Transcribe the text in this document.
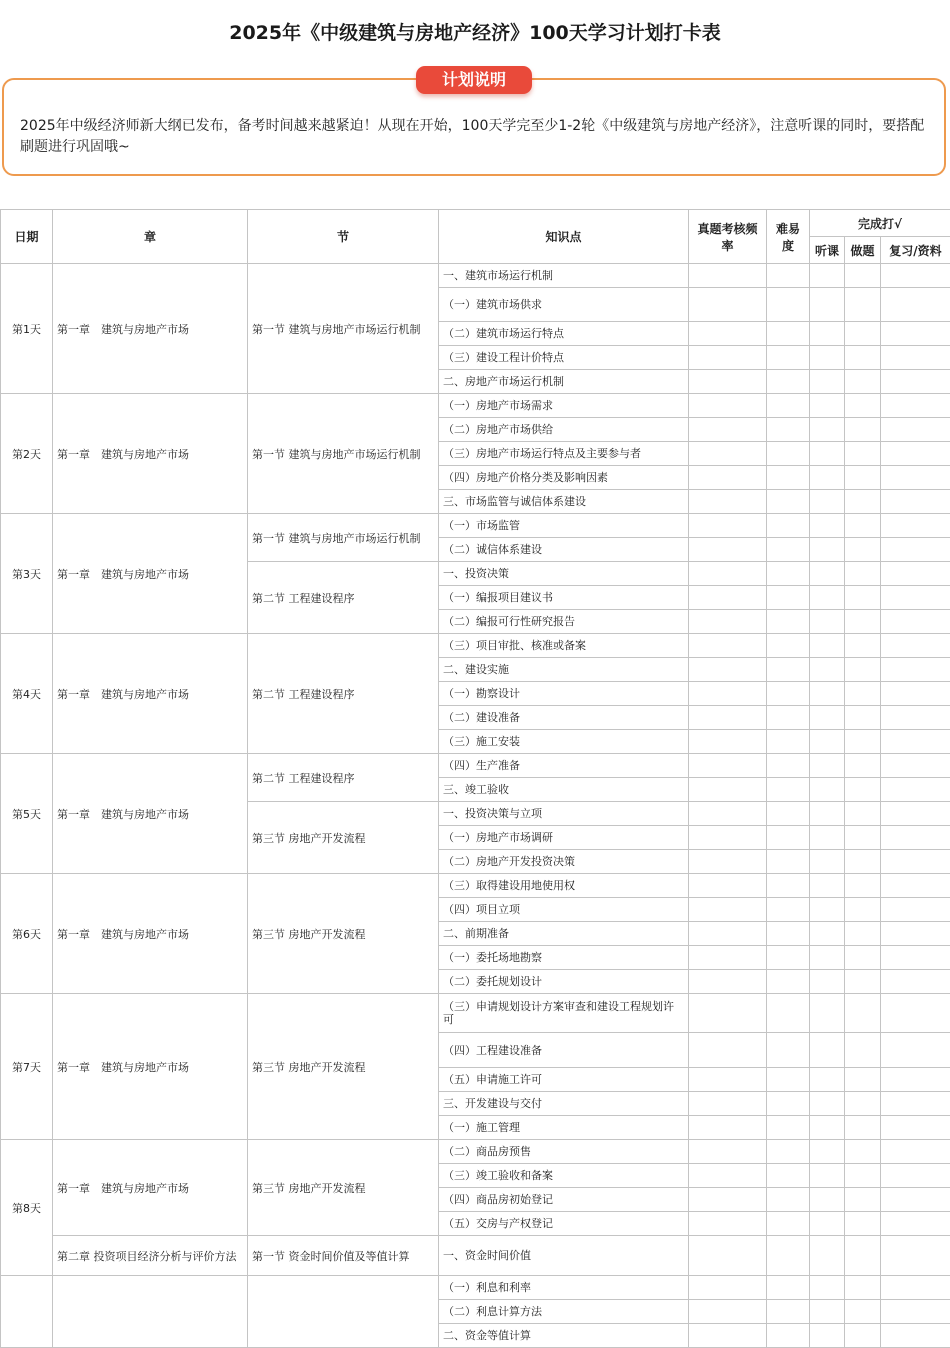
2025年《中级建筑与房地产经济》100天学习计划打卡表
计划说明
2025年中级经济师新大纲已发布，备考时间越来越紧迫！从现在开始，100天学完至少1-2轮《中级建筑与房地产经济》，注意听课的同时，要搭配刷题进行巩固哦~
日期	章	节	知识点	真题考核频率	难易度	完成打√		
						听课	做题	复习/资料
第1天	第一章　建筑与房地产市场	第一节 建筑与房地产市场运行机制	一、建筑市场运行机制					
			（一）建筑市场供求					
			（二）建筑市场运行特点					
			（三）建设工程计价特点					
			二、房地产市场运行机制					
第2天	第一章　建筑与房地产市场	第一节 建筑与房地产市场运行机制	（一）房地产市场需求					
			（二）房地产市场供给					
			（三）房地产市场运行特点及主要参与者					
			（四）房地产价格分类及影响因素					
			三、市场监管与诚信体系建设					
第3天	第一章　建筑与房地产市场	第一节 建筑与房地产市场运行机制	（一）市场监管					
			（二）诚信体系建设					
		第二节 工程建设程序	一、投资决策					
			（一）编报项目建议书					
			（二）编报可行性研究报告					
第4天	第一章　建筑与房地产市场	第二节 工程建设程序	（三）项目审批、核准或备案					
			二、建设实施					
			（一）勘察设计					
			（二）建设准备					
			（三）施工安装					
第5天	第一章　建筑与房地产市场	第二节 工程建设程序	（四）生产准备					
			三、竣工验收					
		第三节 房地产开发流程	一、投资决策与立项					
			（一）房地产市场调研					
			（二）房地产开发投资决策					
第6天	第一章　建筑与房地产市场	第三节 房地产开发流程	（三）取得建设用地使用权					
			（四）项目立项					
			二、前期准备					
			（一）委托场地勘察					
			（二）委托规划设计					
第7天	第一章　建筑与房地产市场	第三节 房地产开发流程	（三）申请规划设计方案审查和建设工程规划许可					
			（四）工程建设准备					
			（五）申请施工许可					
			三、开发建设与交付					
			（一）施工管理					
第8天	第一章　建筑与房地产市场	第三节 房地产开发流程	（二）商品房预售					
			（三）竣工验收和备案					
			（四）商品房初始登记					
			（五）交房与产权登记					
	第二章 投资项目经济分析与评价方法	第一节 资金时间价值及等值计算	一、资金时间价值					
			（一）利息和利率					
			（二）利息计算方法					
			二、资金等值计算					
